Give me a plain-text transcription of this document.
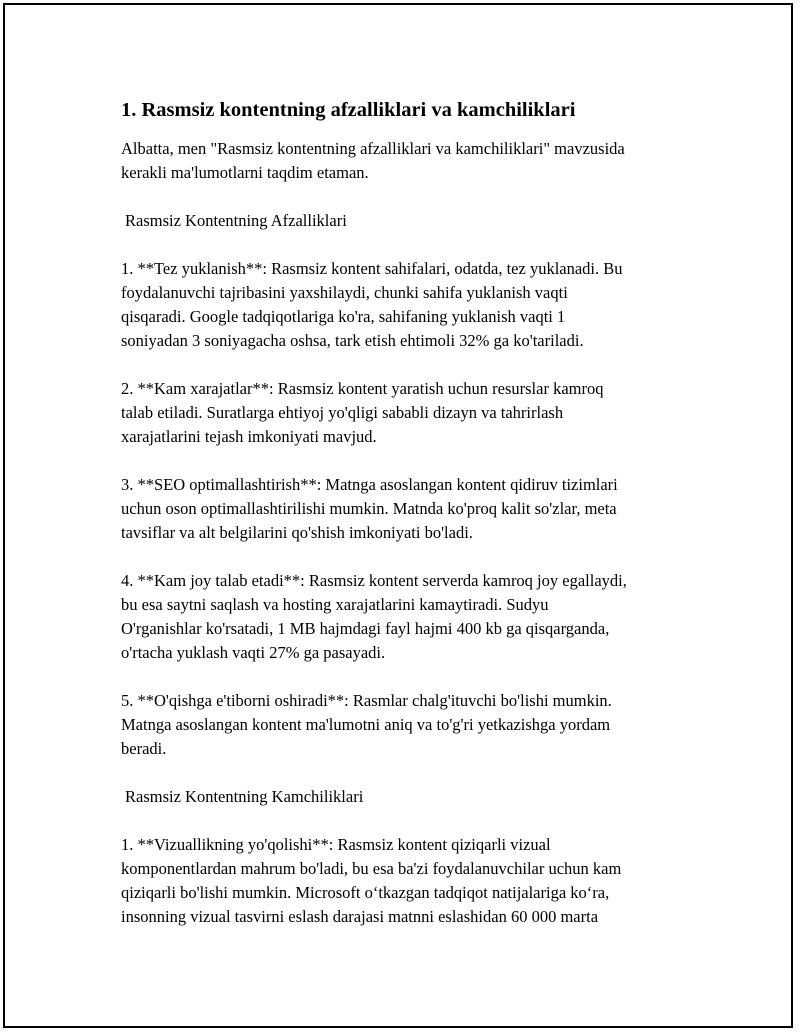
1. Rasmsiz kontentning afzalliklari va kamchiliklari

Albatta, men "Rasmsiz kontentning afzalliklari va kamchiliklari" mavzusida
kerakli ma'lumotlarni taqdim etaman.

Rasmsiz Kontentning Afzalliklari

1. **Tez yuklanish**: Rasmsiz kontent sahifalari, odatda, tez yuklanadi. Bu
foydalanuvchi tajribasini yaxshilaydi, chunki sahifa yuklanish vaqti
qisqaradi. Google tadqiqotlariga ko'ra, sahifaning yuklanish vaqti 1
soniyadan 3 soniyagacha oshsa, tark etish ehtimoli 32% ga ko'tariladi.

2. **Kam xarajatlar**: Rasmsiz kontent yaratish uchun resurslar kamroq
talab etiladi. Suratlarga ehtiyoj yo'qligi sababli dizayn va tahrirlash
xarajatlarini tejash imkoniyati mavjud.

3. **SEO optimallashtirish**: Matnga asoslangan kontent qidiruv tizimlari
uchun oson optimallashtirilishi mumkin. Matnda ko'proq kalit so'zlar, meta
tavsiflar va alt belgilarini qo'shish imkoniyati bo'ladi.

4. **Kam joy talab etadi**: Rasmsiz kontent serverda kamroq joy egallaydi,
bu esa saytni saqlash va hosting xarajatlarini kamaytiradi. Sudyu
O'rganishlar ko'rsatadi, 1 MB hajmdagi fayl hajmi 400 kb ga qisqarganda,
o'rtacha yuklash vaqti 27% ga pasayadi.

5. **O'qishga e'tiborni oshiradi**: Rasmlar chalg'ituvchi bo'lishi mumkin.
Matnga asoslangan kontent ma'lumotni aniq va to'g'ri yetkazishga yordam
beradi.

Rasmsiz Kontentning Kamchiliklari

1. **Vizuallikning yo'qolishi**: Rasmsiz kontent qiziqarli vizual
komponentlardan mahrum bo'ladi, bu esa ba'zi foydalanuvchilar uchun kam
qiziqarli bo'lishi mumkin. Microsoft o‘tkazgan tadqiqot natijalariga ko‘ra,
insonning vizual tasvirni eslash darajasi matnni eslashidan 60 000 marta
